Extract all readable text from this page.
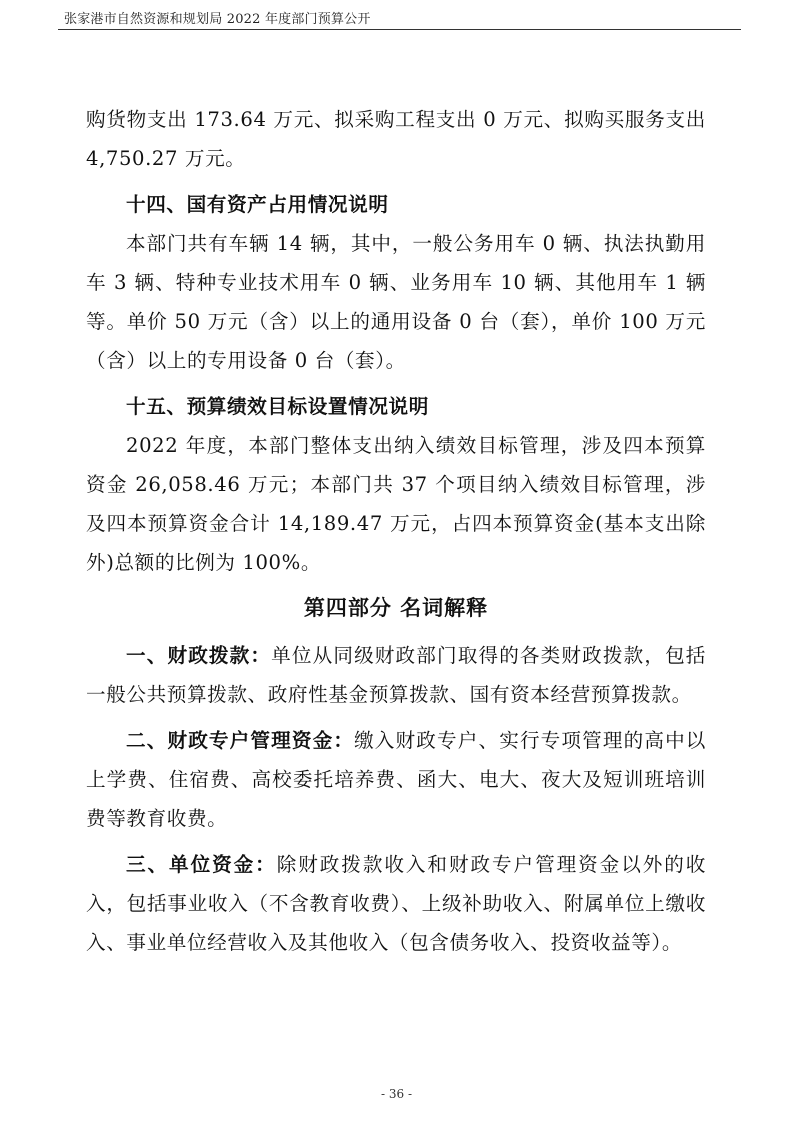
张家港市自然资源和规划局 2022 年度部门预算公开

购货物支出 173.64 万元、拟采购工程支出 0 万元、拟购买服务支出 4,750.27 万元。

十四、国有资产占用情况说明

本部门共有车辆 14 辆，其中，一般公务用车 0 辆、执法执勤用车 3 辆、特种专业技术用车 0 辆、业务用车 10 辆、其他用车 1 辆等。单价 50 万元（含）以上的通用设备 0 台（套），单价 100 万元（含）以上的专用设备 0 台（套）。

十五、预算绩效目标设置情况说明

2022 年度，本部门整体支出纳入绩效目标管理，涉及四本预算资金 26,058.46 万元；本部门共 37 个项目纳入绩效目标管理，涉及四本预算资金合计 14,189.47 万元，占四本预算资金(基本支出除外)总额的比例为 100%。

第四部分 名词解释

一、财政拨款：单位从同级财政部门取得的各类财政拨款，包括一般公共预算拨款、政府性基金预算拨款、国有资本经营预算拨款。

二、财政专户管理资金：缴入财政专户、实行专项管理的高中以上学费、住宿费、高校委托培养费、函大、电大、夜大及短训班培训费等教育收费。

三、单位资金：除财政拨款收入和财政专户管理资金以外的收入，包括事业收入（不含教育收费）、上级补助收入、附属单位上缴收入、事业单位经营收入及其他收入（包含债务收入、投资收益等）。

- 36 -
